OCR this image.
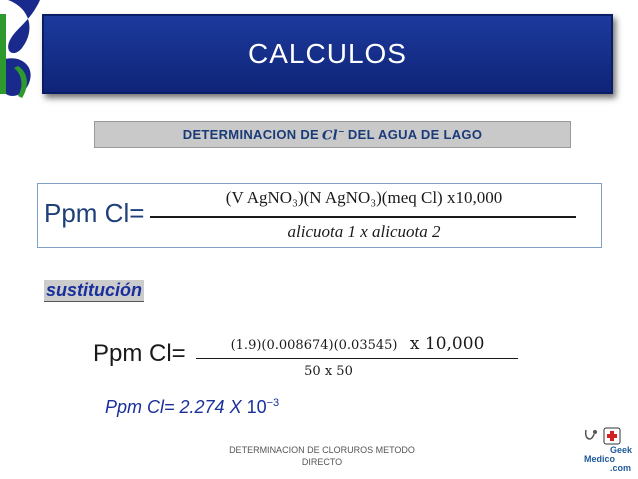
CALCULOS
DETERMINACION DE Cl− DEL AGUA DE LAGO
Ppm Cl=
(V AgNO₃)(N AgNO₃)(meq Cl) x10,000
alicuota 1 x alicuota 2
sustitución
Ppm Cl=	(1.9)(0.008674)(0.03545) x 10,000
50 x 50
Ppm Cl= 2.274 X $10^{-3}$
DETERMINACION DE CLORUROS METODO
DIRECTO
Geek
Medico
.com
